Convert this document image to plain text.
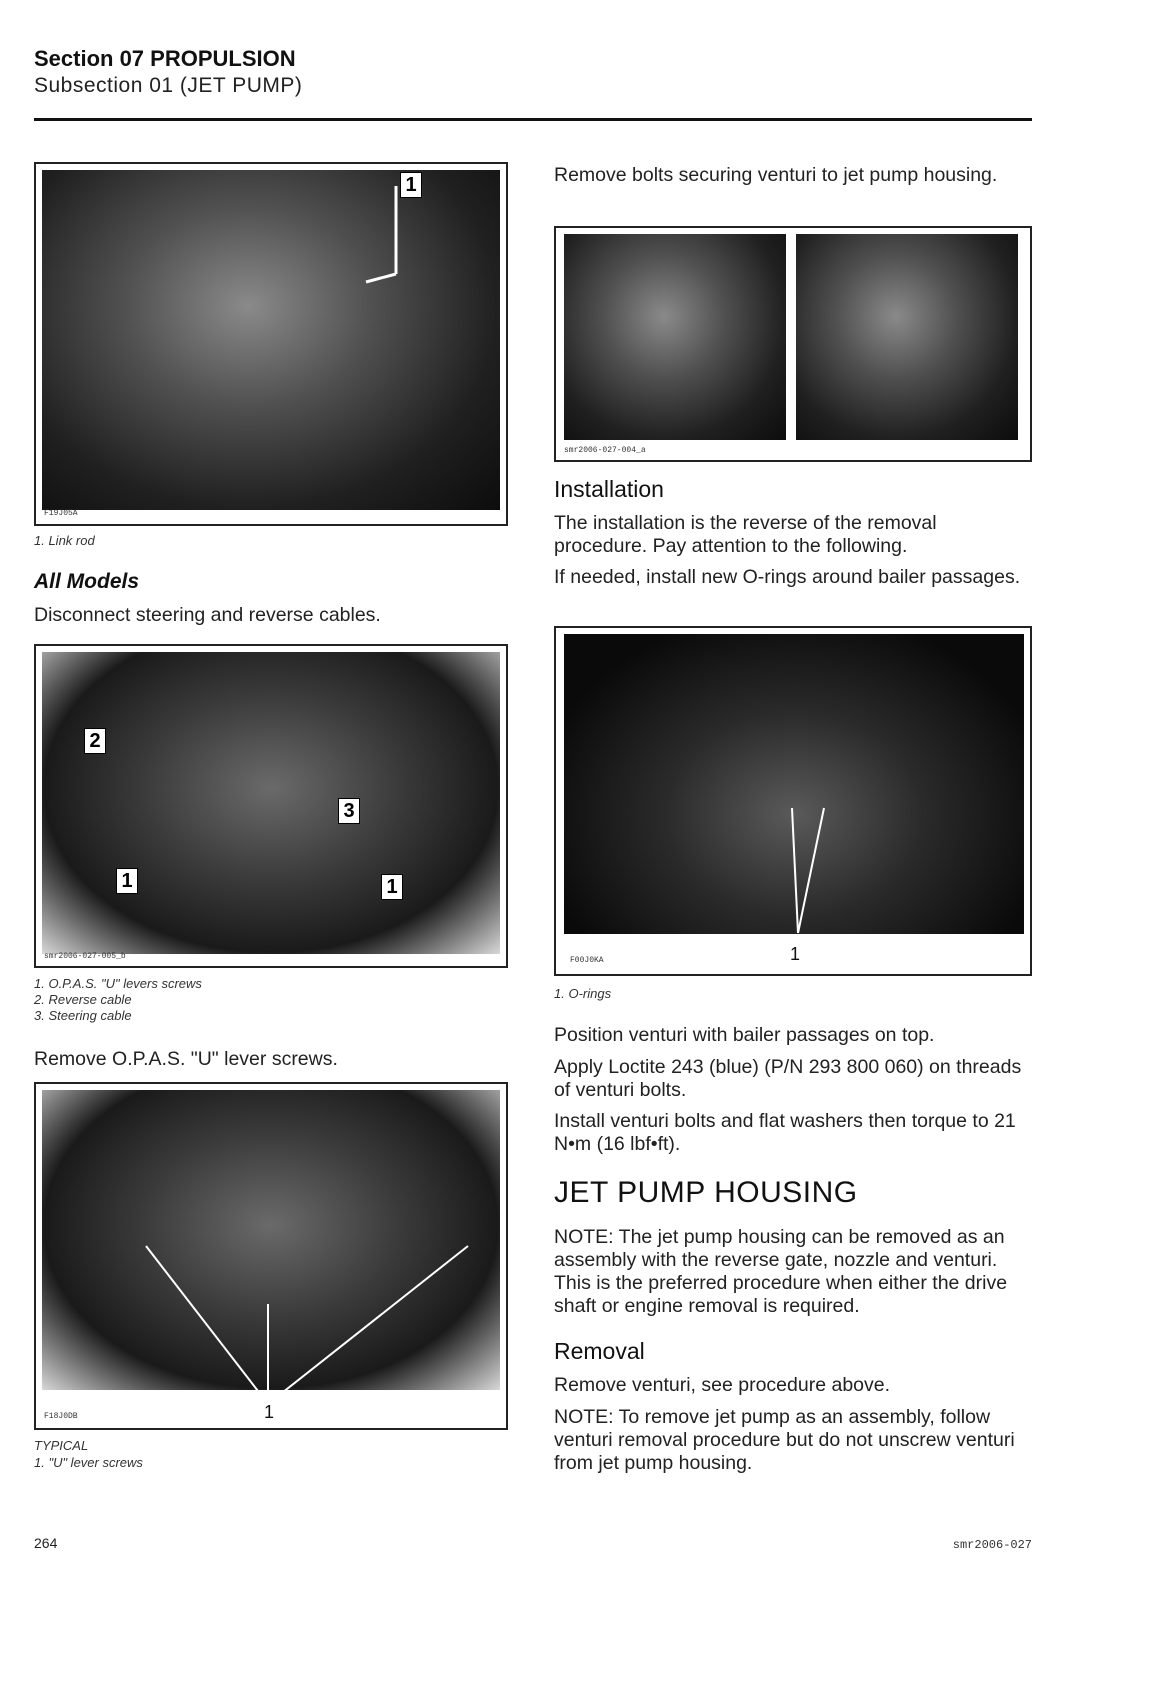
Section 07 PROPULSION
Subsection 01 (JET PUMP)
1
F19J05A
1. Link rod
All Models
Disconnect steering and reverse cables.
2
3
1	1
smr2006-027-005_b
1. O.P.A.S. "U" levers screws
2. Reverse cable
3. Steering cable
Remove O.P.A.S. "U" lever screws.
1
F18J0DB
TYPICAL
1. "U" lever screws
Remove bolts securing venturi to jet pump housing.
smr2006-027-004_a
Installation
The installation is the reverse of the removal procedure. Pay attention to the following.
If needed, install new O-rings around bailer passages.
1
F00J0KA
1. O-rings
Position venturi with bailer passages on top.
Apply Loctite 243 (blue) (P/N 293 800 060) on threads of venturi bolts.
Install venturi bolts and flat washers then torque to 21 N•m (16 lbf•ft).
JET PUMP HOUSING
NOTE: The jet pump housing can be removed as an assembly with the reverse gate, nozzle and venturi. This is the preferred procedure when either the drive shaft or engine removal is required.
Removal
Remove venturi, see procedure above.
NOTE: To remove jet pump as an assembly, follow venturi removal procedure but do not unscrew venturi from jet pump housing.
264	smr2006-027
